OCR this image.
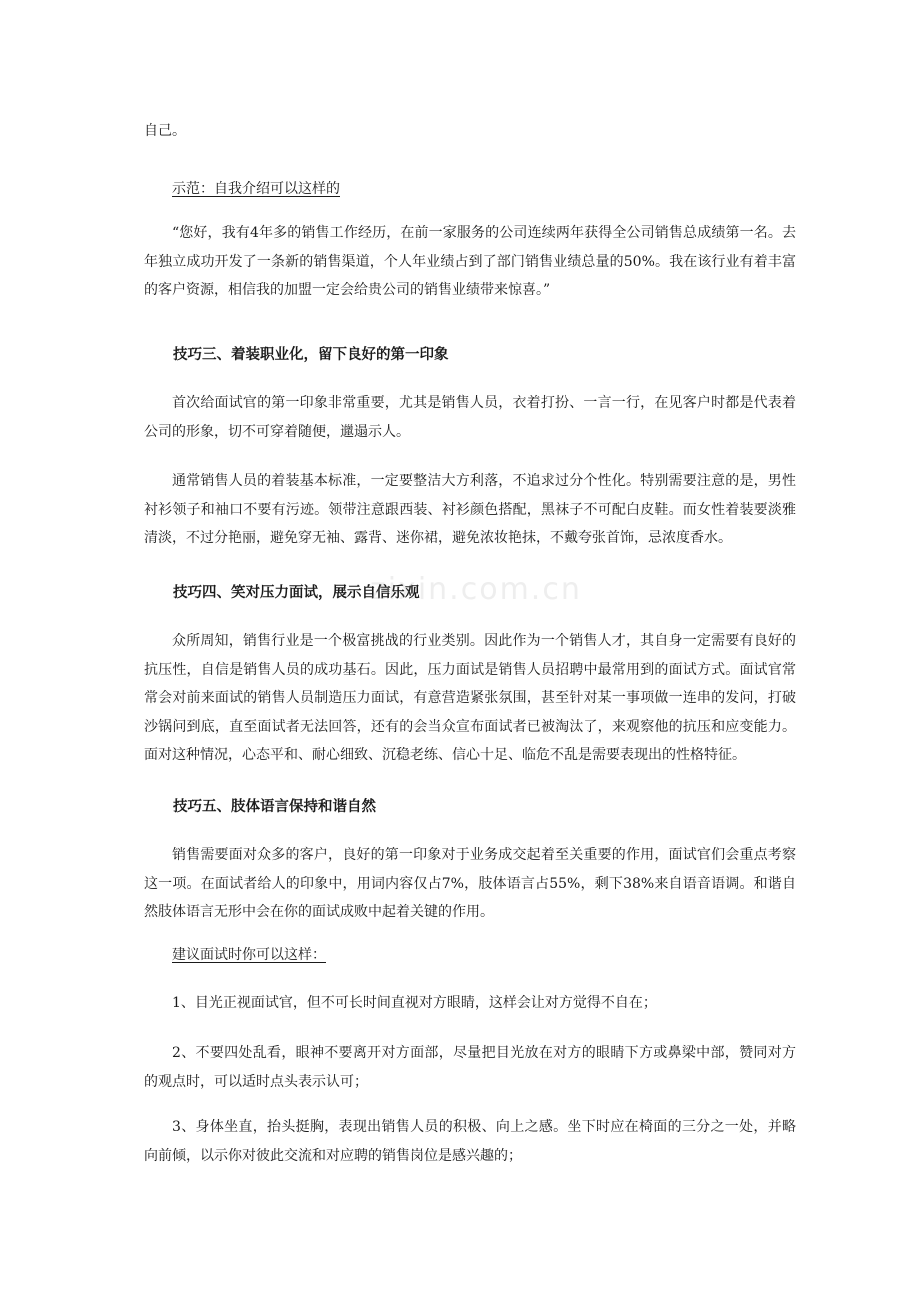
自己。

示范：自我介绍可以这样的

“您好，我有4年多的销售工作经历，在前一家服务的公司连续两年获得全公司销售总成绩第一名。去年独立成功开发了一条新的销售渠道，个人年业绩占到了部门销售业绩总量的50%。我在该行业有着丰富的客户资源，相信我的加盟一定会给贵公司的销售业绩带来惊喜。”

技巧三、着装职业化，留下良好的第一印象

首次给面试官的第一印象非常重要，尤其是销售人员，衣着打扮、一言一行，在见客户时都是代表着公司的形象，切不可穿着随便，邋遢示人。

通常销售人员的着装基本标准，一定要整洁大方利落，不追求过分个性化。特别需要注意的是，男性衬衫领子和袖口不要有污迹。领带注意跟西装、衬衫颜色搭配，黑袜子不可配白皮鞋。而女性着装要淡雅清淡，不过分艳丽，避免穿无袖、露背、迷你裙，避免浓妆艳抹，不戴夸张首饰，忌浓度香水。

技巧四、笑对压力面试，展示自信乐观

众所周知，销售行业是一个极富挑战的行业类别。因此作为一个销售人才，其自身一定需要有良好的抗压性，自信是销售人员的成功基石。因此，压力面试是销售人员招聘中最常用到的面试方式。面试官常常会对前来面试的销售人员制造压力面试，有意营造紧张氛围，甚至针对某一事项做一连串的发问，打破沙锅问到底，直至面试者无法回答，还有的会当众宣布面试者已被淘汰了，来观察他的抗压和应变能力。面对这种情况，心态平和、耐心细致、沉稳老练、信心十足、临危不乱是需要表现出的性格特征。

技巧五、肢体语言保持和谐自然

销售需要面对众多的客户，良好的第一印象对于业务成交起着至关重要的作用，面试官们会重点考察这一项。在面试者给人的印象中，用词内容仅占7%，肢体语言占55%，剩下38%来自语音语调。和谐自然肢体语言无形中会在你的面试成败中起着关键的作用。

建议面试时你可以这样：

1、目光正视面试官，但不可长时间直视对方眼睛，这样会让对方觉得不自在；

2、不要四处乱看，眼神不要离开对方面部，尽量把目光放在对方的眼睛下方或鼻梁中部，赞同对方的观点时，可以适时点头表示认可；

3、身体坐直，抬头挺胸，表现出销售人员的积极、向上之感。坐下时应在椅面的三分之一处，并略向前倾，以示你对彼此交流和对应聘的销售岗位是感兴趣的；

zixin.com.cn
